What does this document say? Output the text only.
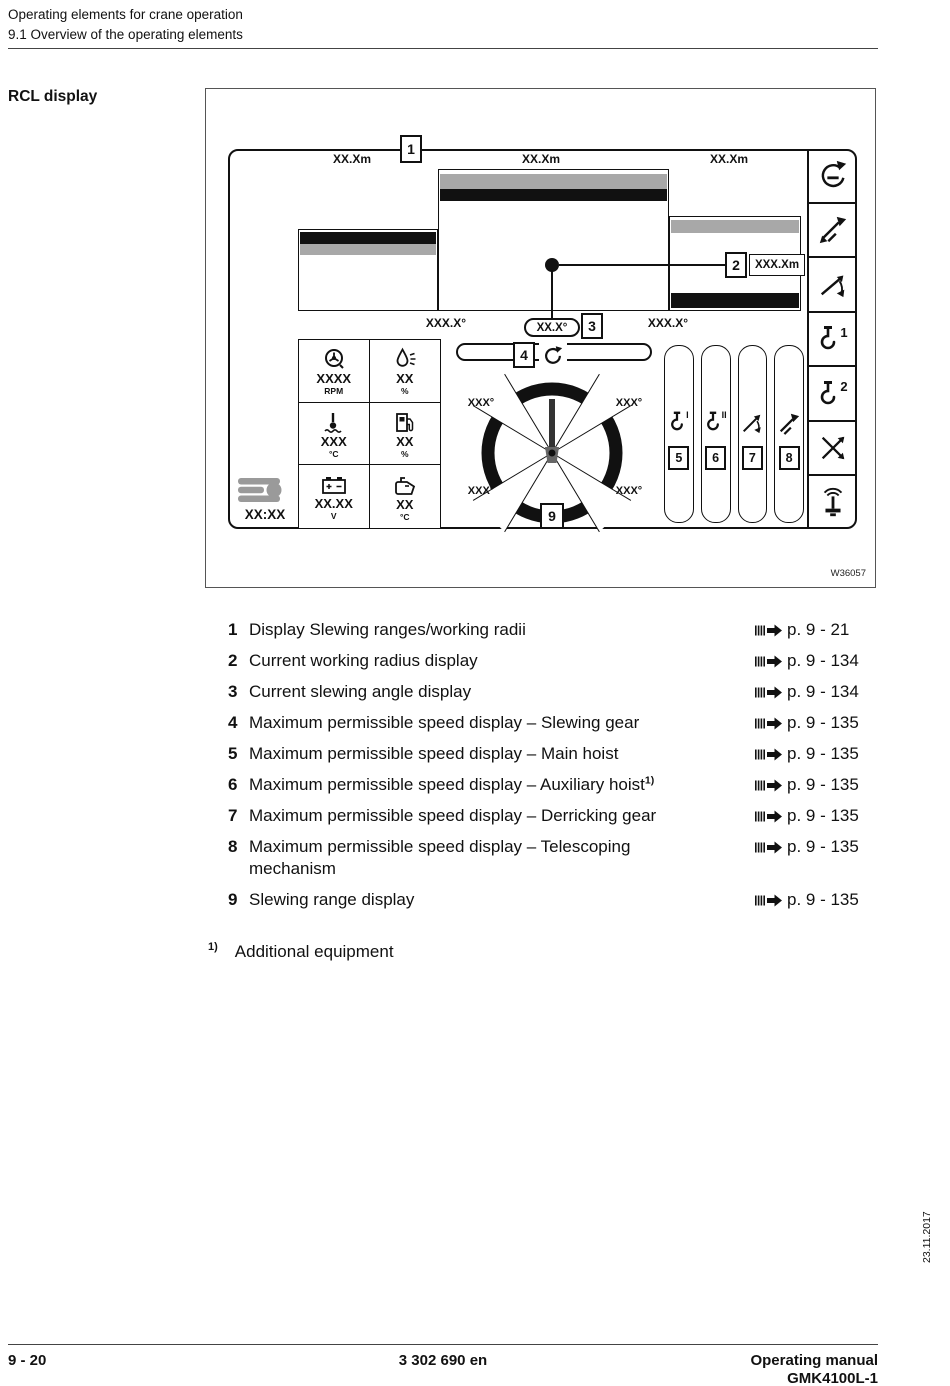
Operating elements for crane operation
9.1 Overview of the operating elements
RCL display
1
2
XX.Xm	XX.Xm	XX.Xm
1
2	XXX.Xm
XXX.X°	XX.X°	3	XXX.X°
XXXX
RPM
XX
%
XXX
°C
XX
%
XX.XX
V
XX
°C
XX:XX
4
XXX°	XXX°
XXX°	XXX°
9
I
5
II
6	7	8
W36057
1 Display Slewing ranges/working radii	p. 9 - 21
2 Current working radius display	p. 9 - 134
3 Current slewing angle display	p. 9 - 134
4 Maximum permissible speed display – Slewing gear	p. 9 - 135
5 Maximum permissible speed display – Main hoist	p. 9 - 135
6 Maximum permissible speed display – Auxiliary hoist$^{1)}$	p. 9 - 135
7 Maximum permissible speed display – Derricking gear	p. 9 - 135
8 Maximum permissible speed display – Telescoping
mechanism
p. 9 - 135
9 Slewing range display	p. 9 - 135
$^{1)}$ Additional equipment
9 - 20	3 302 690 en	Operating manual
GMK4100L-1
23.11.2017
